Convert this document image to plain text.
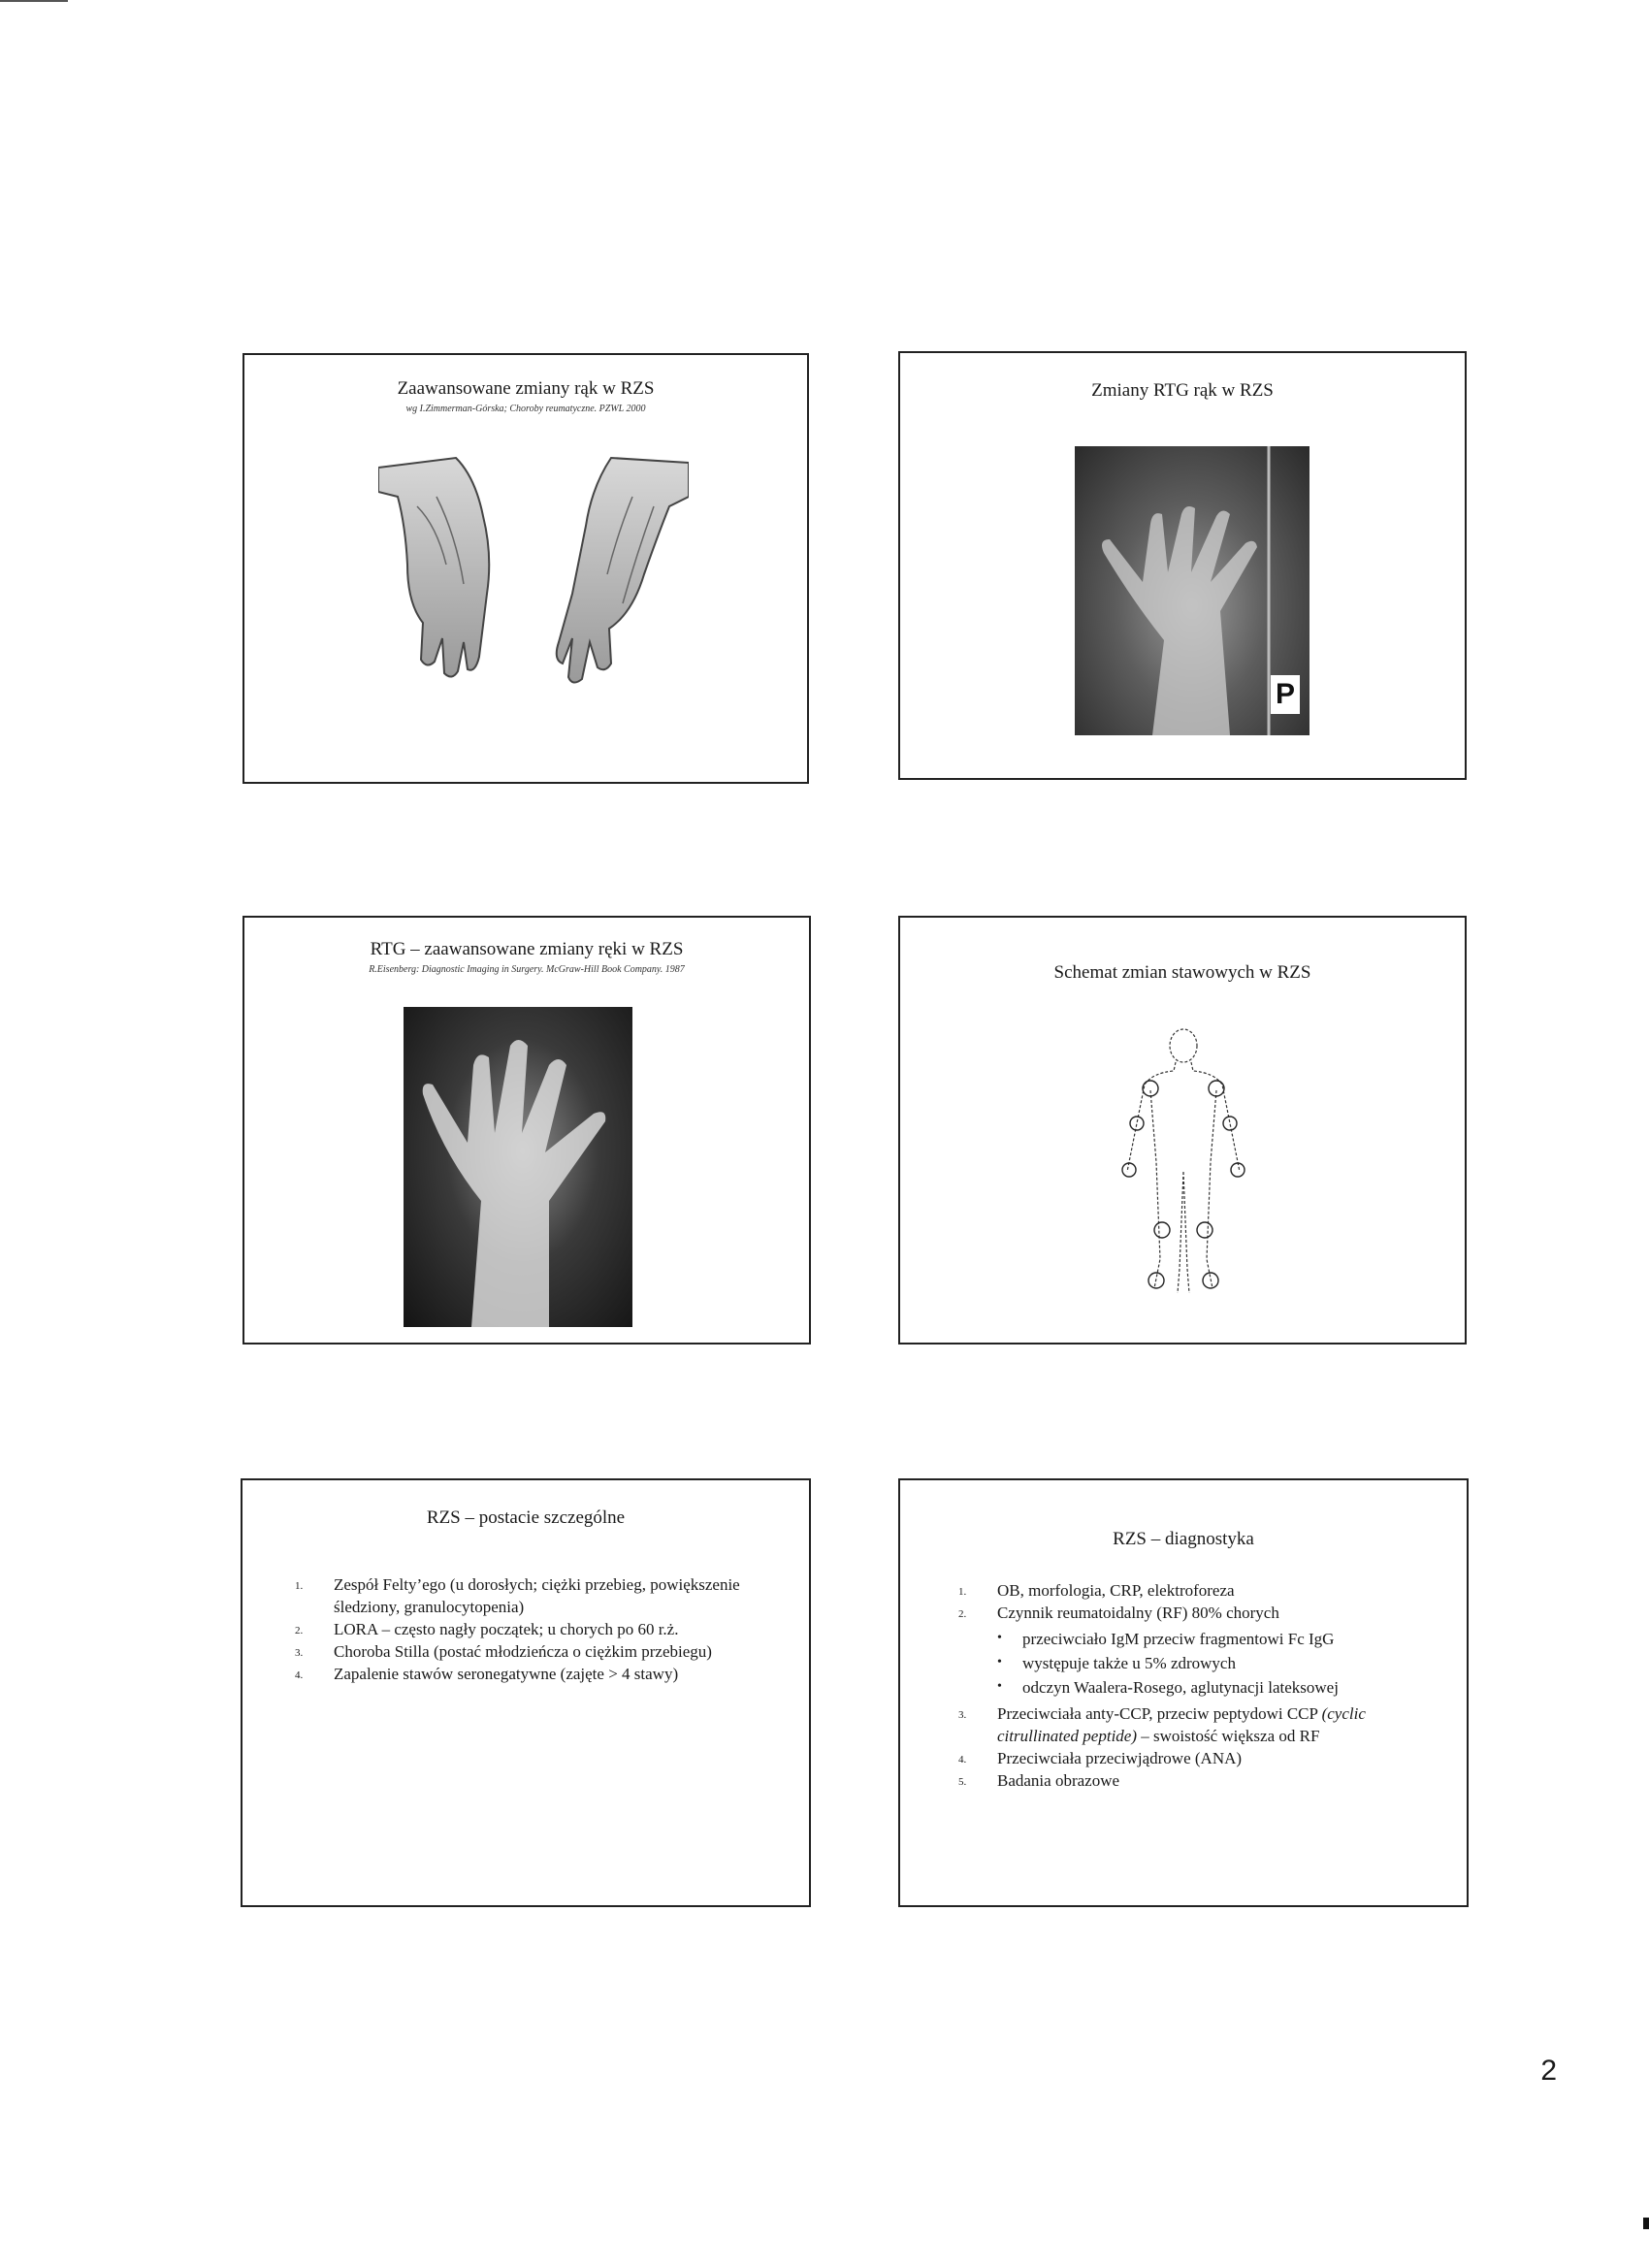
Zaawansowane zmiany rąk w RZS
wg I.Zimmerman-Górska; Choroby reumatyczne. PZWL 2000
Zmiany RTG rąk w RZS
P
RTG – zaawansowane zmiany ręki w RZS
R.Eisenberg: Diagnostic Imaging in Surgery. McGraw-Hill Book Company. 1987	Schemat zmian stawowych w RZS
RZS – postacie szczególne
1. Zespół Felty’ego (u dorosłych; ciężki przebieg, powiększenie śledziony, granulocytopenia)
2. LORA – często nagły początek; u chorych po 60 r.ż.
3. Choroba Stilla (postać młodzieńcza o ciężkim przebiegu)
4. Zapalenie stawów seronegatywne (zajęte > 4 stawy)
RZS – diagnostyka
1. OB, morfologia, CRP, elektroforeza
2. Czynnik reumatoidalny (RF) 80% chorych
• przeciwciało IgM przeciw fragmentowi Fc IgG
• występuje także u 5% zdrowych
• odczyn Waalera-Rosego, aglutynacji lateksowej
3. Przeciwciała anty-CCP, przeciw peptydowi CCP (cyclic citrullinated peptide) – swoistość większa od RF
4. Przeciwciała przeciwjądrowe (ANA)
5. Badania obrazowe
2
